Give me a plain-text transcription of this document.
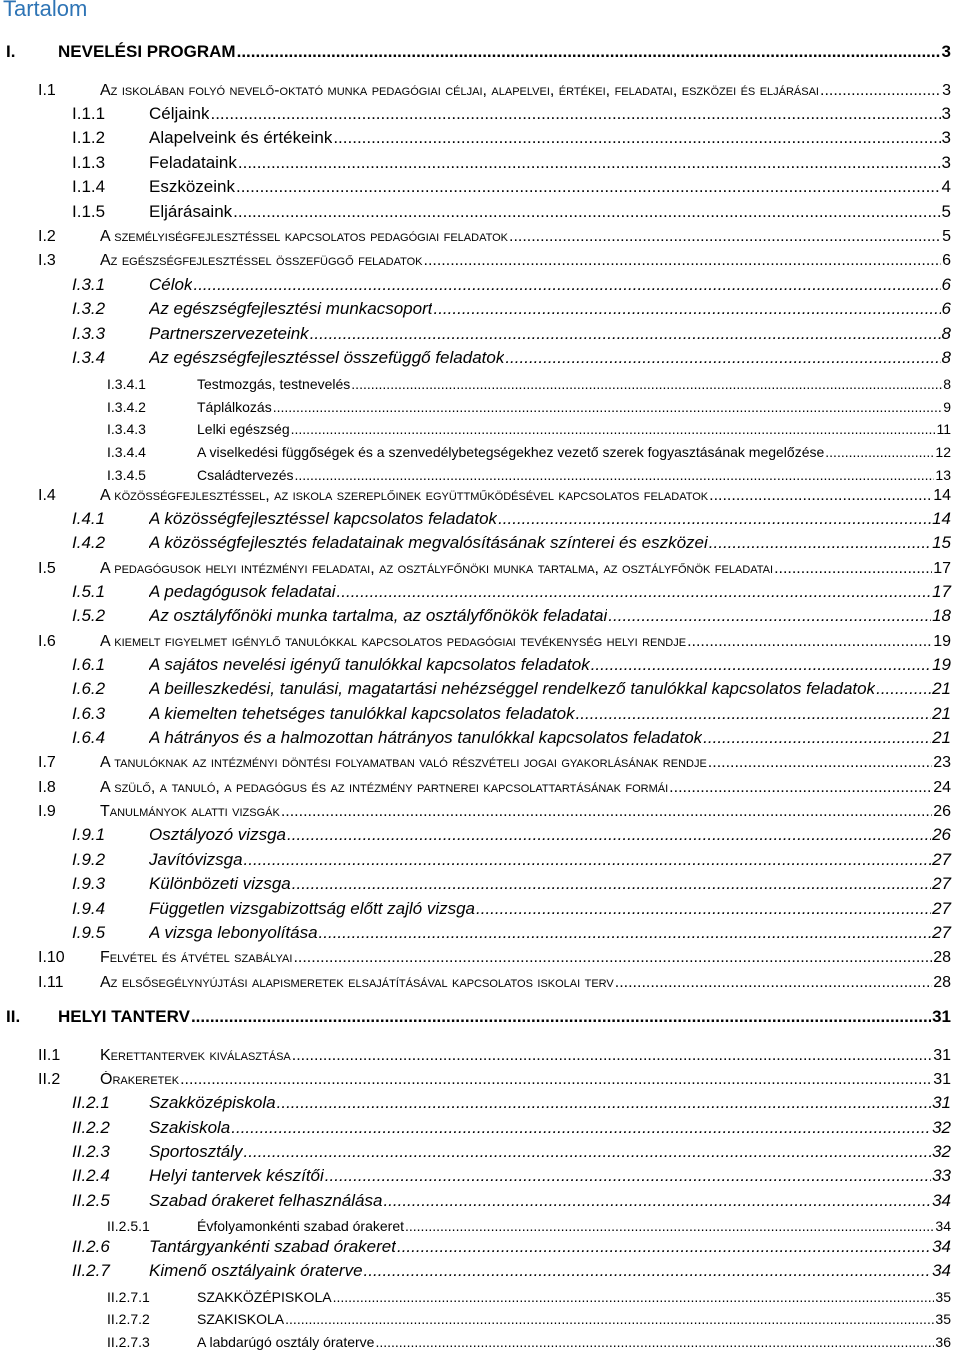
Tartalom
I.	NEVELÉSI PROGRAM .....	3
I.1	Az iskolában folyó nevelő-oktató munka pedagógiai céljai, alapelvei, értékei, feladatai, eszközei és eljárásai .....	3
I.1.1	Céljaink .....	3
I.1.2	Alapelveink és értékeink .....	3
I.1.3	Feladataink .....	3
I.1.4	Eszközeink .....	4
I.1.5	Eljárásaink .....	5
I.2	A személyiségfejlesztéssel kapcsolatos pedagógiai feladatok .....	5
I.3	Az egészségfejlesztéssel összefüggő feladatok .....	6
I.3.1	Célok .....	6
I.3.2	Az egészségfejlesztési munkacsoport .....	6
I.3.3	Partnerszervezeteink .....	8
I.3.4	Az egészségfejlesztéssel összefüggő feladatok .....	8
I.3.4.1	Testmozgás, testnevelés .....	8
I.3.4.2	Táplálkozás .....	9
I.3.4.3	Lelki egészség .....	11
I.3.4.4	A viselkedési függőségek és a szenvedélybetegségekhez vezető szerek fogyasztásának megelőzése .....	12
I.3.4.5	Családtervezés .....	13
I.4	A közösségfejlesztéssel, az iskola szereplőinek együttműködésével kapcsolatos feladatok .....	14
I.4.1	A közösségfejlesztéssel kapcsolatos feladatok .....	14
I.4.2	A közösségfejlesztés feladatainak megvalósításának színterei és eszközei .....	15
I.5	A pedagógusok helyi intézményi feladatai, az osztályfőnöki munka tartalma, az osztályfőnök feladatai .....	17
I.5.1	A pedagógusok feladatai .....	17
I.5.2	Az osztályfőnöki munka tartalma, az osztályfőnökök feladatai .....	18
I.6	A kiemelt figyelmet igénylő tanulókkal kapcsolatos pedagógiai tevékenység helyi rendje .....	19
I.6.1	A sajátos nevelési igényű tanulókkal kapcsolatos feladatok .....	19
I.6.2	A beilleszkedési, tanulási, magatartási nehézséggel rendelkező tanulókkal kapcsolatos feladatok .....	21
I.6.3	A kiemelten tehetséges tanulókkal kapcsolatos feladatok .....	21
I.6.4	A hátrányos és a halmozottan hátrányos tanulókkal kapcsolatos feladatok .....	21
I.7	A tanulóknak az intézményi döntési folyamatban való részvételi jogai gyakorlásának rendje .....	23
I.8	A szülő, a tanuló, a pedagógus és az intézmény partnerei kapcsolattartásának formái .....	24
I.9	Tanulmányok alatti vizsgák .....	26
I.9.1	Osztályozó vizsga .....	26
I.9.2	Javítóvizsga .....	27
I.9.3	Különbözeti vizsga .....	27
I.9.4	Független vizsgabizottság előtt zajló vizsga .....	27
I.9.5	A vizsga lebonyolítása .....	27
I.10	Felvétel és átvétel szabályai .....	28
I.11	Az elsősegélynyújtási alapismeretek elsajátításával kapcsolatos iskolai terv .....	28
II.	HELYI TANTERV .....	31
II.1	Kerettantervek kiválasztása .....	31
II.2	Órakeretek .....	31
II.2.1	Szakközépiskola .....	31
II.2.2	Szakiskola .....	32
II.2.3	Sportosztály .....	32
II.2.4	Helyi tantervek készítői .....	33
II.2.5	Szabad órakeret felhasználása .....	34
II.2.5.1	Évfolyamonkénti szabad órakeret .....	34
II.2.6	Tantárgyankénti szabad órakeret .....	34
II.2.7	Kimenő osztályaink óraterve .....	34
II.2.7.1	SZAKKÖZÉPISKOLA .....	35
II.2.7.2	SZAKISKOLA .....	35
II.2.7.3	A labdarúgó osztály óraterve .....	36
